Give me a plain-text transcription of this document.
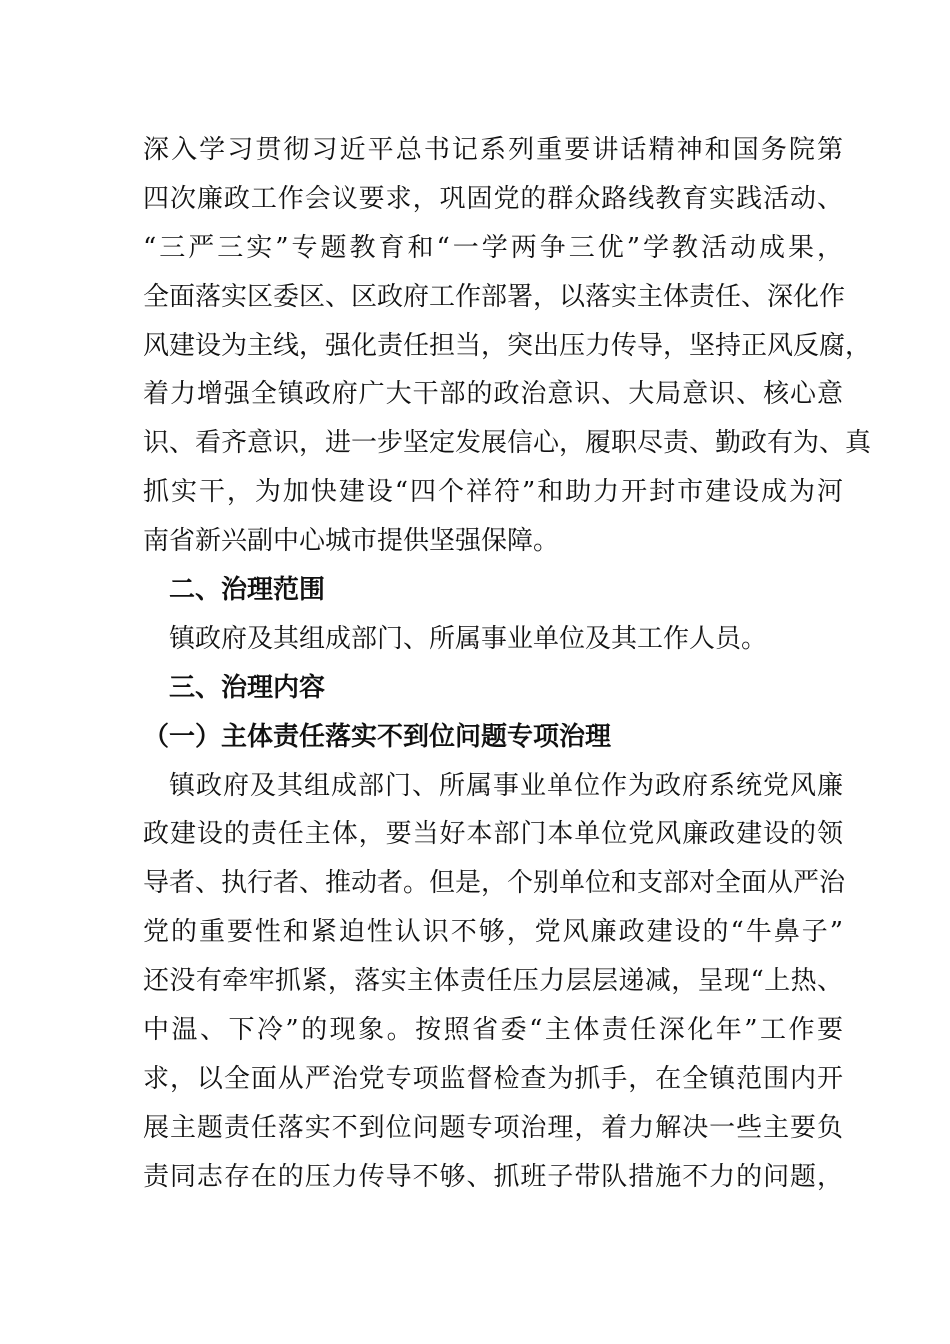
深入学习贯彻习近平总书记系列重要讲话精神和国务院第
四次廉政工作会议要求，巩固党的群众路线教育实践活动、
“三严三实”专题教育和“一学两争三优”学教活动成果，
全面落实区委区、区政府工作部署，以落实主体责任、深化作
风建设为主线，强化责任担当，突出压力传导，坚持正风反腐，
着力增强全镇政府广大干部的政治意识、大局意识、核心意
识、看齐意识，进一步坚定发展信心，履职尽责、勤政有为、真
抓实干，为加快建设“四个祥符”和助力开封市建设成为河
南省新兴副中心城市提供坚强保障。
二、治理范围
镇政府及其组成部门、所属事业单位及其工作人员。
三、治理内容
（一）主体责任落实不到位问题专项治理
镇政府及其组成部门、所属事业单位作为政府系统党风廉
政建设的责任主体，要当好本部门本单位党风廉政建设的领
导者、执行者、推动者。但是，个别单位和支部对全面从严治
党的重要性和紧迫性认识不够，党风廉政建设的“牛鼻子”
还没有牵牢抓紧，落实主体责任压力层层递减，呈现“上热、
中温、下冷”的现象。按照省委“主体责任深化年”工作要
求，以全面从严治党专项监督检查为抓手，在全镇范围内开
展主题责任落实不到位问题专项治理，着力解决一些主要负
责同志存在的压力传导不够、抓班子带队措施不力的问题，
